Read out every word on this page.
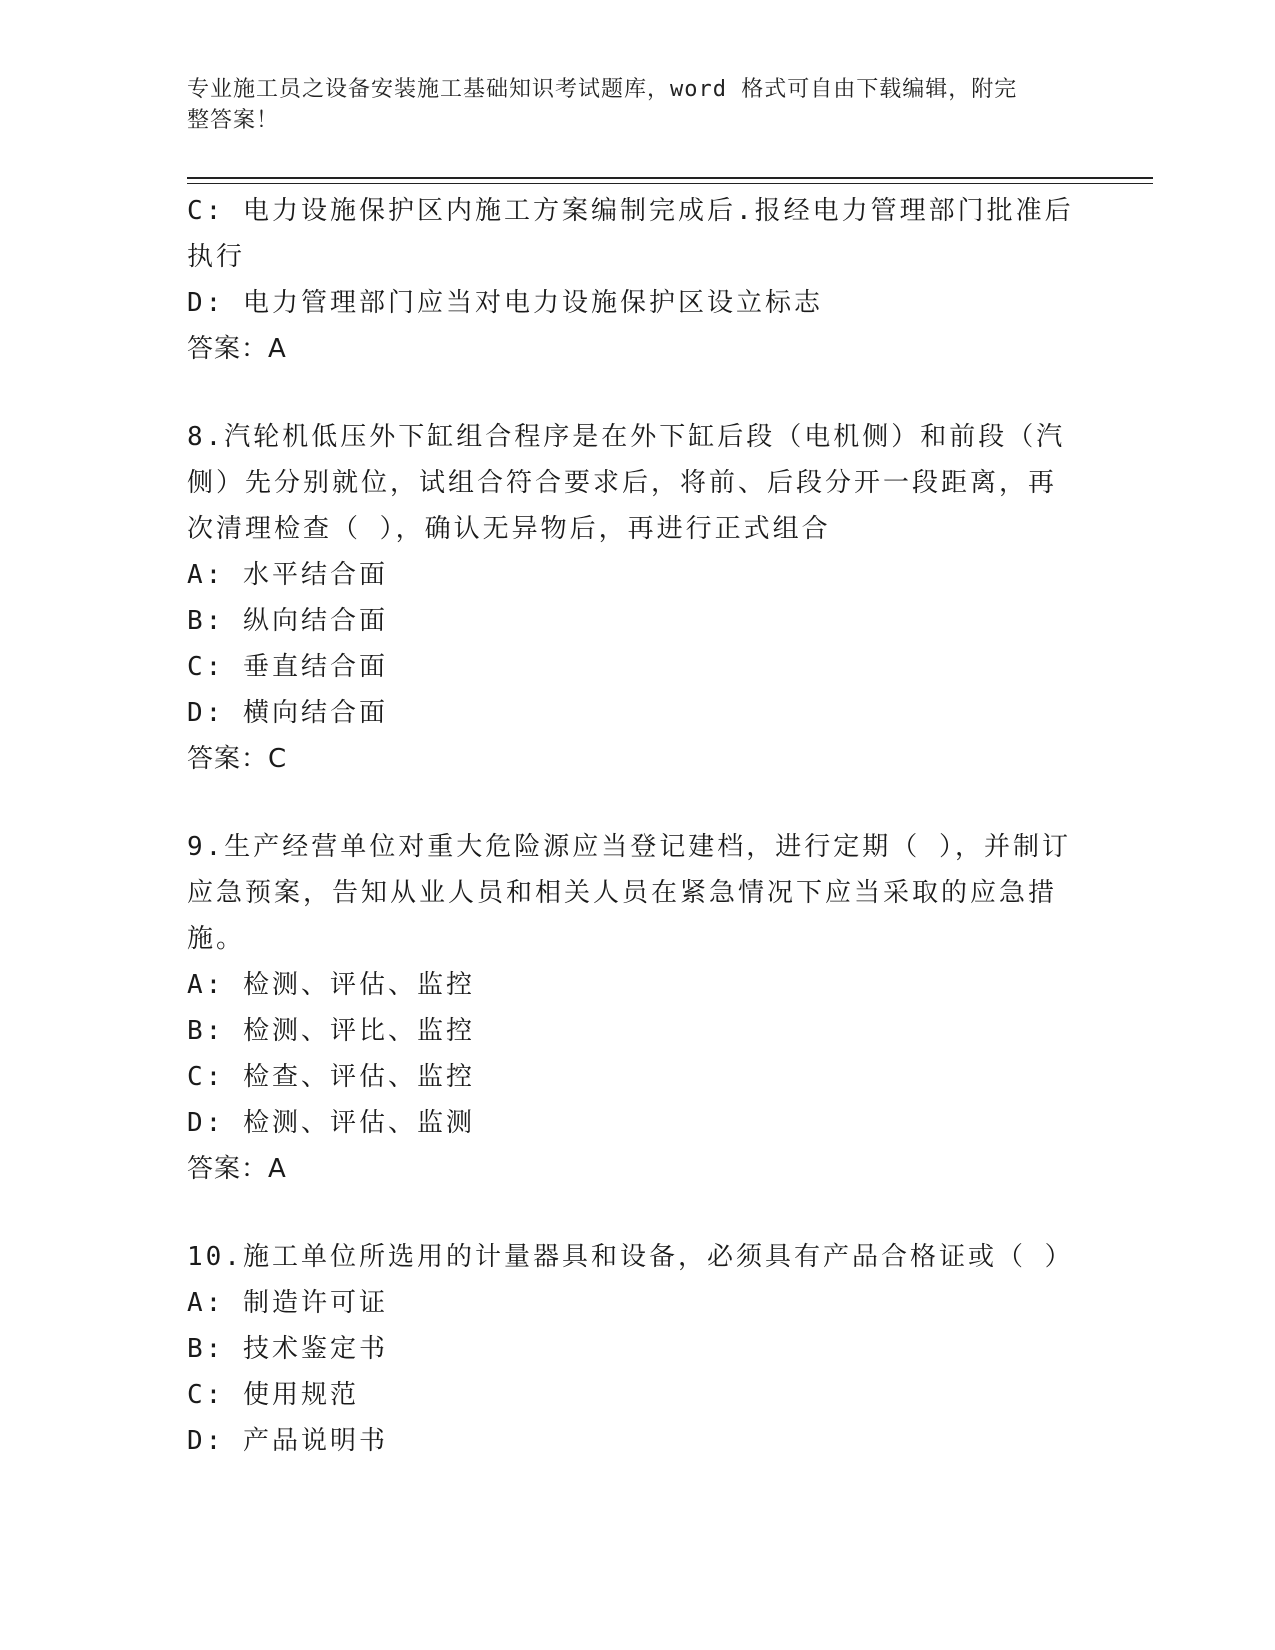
专业施工员之设备安装施工基础知识考试题库，word 格式可自由下载编辑，附完
整答案！
C: 电力设施保护区内施工方案编制完成后.报经电力管理部门批准后
执行
D: 电力管理部门应当对电力设施保护区设立标志
答案：A
8.汽轮机低压外下缸组合程序是在外下缸后段（电机侧）和前段（汽
侧）先分别就位，试组合符合要求后，将前、后段分开一段距离，再
次清理检查（ ），确认无异物后，再进行正式组合
A: 水平结合面
B: 纵向结合面
C: 垂直结合面
D: 横向结合面
答案：C
9.生产经营单位对重大危险源应当登记建档，进行定期（ ），并制订
应急预案，告知从业人员和相关人员在紧急情况下应当采取的应急措
施。
A: 检测、评估、监控
B: 检测、评比、监控
C: 检查、评估、监控
D: 检测、评估、监测
答案：A
10.施工单位所选用的计量器具和设备，必须具有产品合格证或（ ）
A: 制造许可证
B: 技术鉴定书
C: 使用规范
D: 产品说明书
